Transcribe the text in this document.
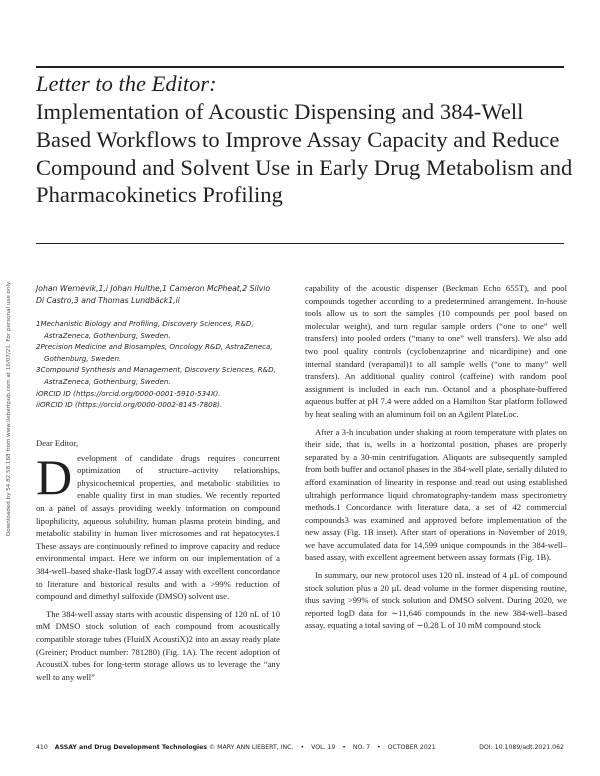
Downloaded by 54.82.58.168 from www.liebertpub.com at 10/07/21. For personal use only.
Letter to the Editor:
Implementation of Acoustic Dispensing and 384-Well Based Workflows to Improve Assay Capacity and Reduce Compound and Solvent Use in Early Drug Metabolism and Pharmacokinetics Profiling
Johan Wernevik,1,i Johan Hulthe,1 Cameron McPheat,2 Silvio Di Castro,3 and Thomas Lundbäck1,ii

1Mechanistic Biology and Profiling, Discovery Sciences, R&D, AstraZeneca, Gothenburg, Sweden.

2Precision Medicine and Biosamples, Oncology R&D, AstraZeneca, Gothenburg, Sweden.

3Compound Synthesis and Management, Discovery Sciences, R&D, AstraZeneca, Gothenburg, Sweden.

iORCID ID (https://orcid.org/0000-0001-5910-534X).

iiORCID ID (https://orcid.org/0000-0002-8145-7808).

Dear Editor,

Development of candidate drugs requires concurrent optimization of structure–activity relationships, physicochemical properties, and metabolic stabilities to enable quality first in man studies. We recently reported on a panel of assays providing weekly information on compound lipophilicity, aqueous solubility, human plasma protein binding, and metabolic stability in human liver microsomes and rat hepatocytes.1 These assays are continuously refined to improve capacity and reduce environmental impact. Here we inform on our implementation of a 384-well–based shake-flask logD7.4 assay with excellent concordance to literature and historical results and with a >99% reduction of compound and dimethyl sulfoxide (DMSO) solvent use.

The 384-well assay starts with acoustic dispensing of 120 nL of 10 mM DMSO stock solution of each compound from acoustically compatible storage tubes (FluidX AcoustiX)2 into an assay ready plate (Greiner; Product number: 781280) (Fig. 1A). The recent adoption of AcoustiX tubes for long-term storage allows us to leverage the “any well to any well”

capability of the acoustic dispenser (Beckman Echo 655T), and pool compounds together according to a predetermined arrangement. In-house tools allow us to sort the samples (10 compounds per pool based on molecular weight), and turn regular sample orders (“one to one” well transfers) into pooled orders (“many to one” well transfers). We also add two pool quality controls (cyclobenzaprine and nicardipine) and one internal standard (verapamil)1 to all sample wells (“one to many” well transfers). An additional quality control (caffeine) with random pool assignment is included in each run. Octanol and a phosphate-buffered aqueous buffer at pH 7.4 were added on a Hamilton Star platform followed by heat sealing with an aluminum foil on an Agilent PlateLoc.

After a 3-h incubation under shaking at room temperature with plates on their side, that is, wells in a horizontal position, phases are properly separated by a 30-min centrifugation. Aliquots are subsequently sampled from both buffer and octanol phases in the 384-well plate, serially diluted to afford examination of linearity in response and read out using established ultrahigh performance liquid chromatography-tandem mass spectrometry methods.1 Concordance with literature data, a set of 42 commercial compounds3 was examined and approved before implementation of the new assay (Fig. 1B inset). After start of operations in November of 2019, we have accumulated data for 14,599 unique compounds in the 384-well–based assay, with excellent agreement between assay formats (Fig. 1B).

In summary, our new protocol uses 120 nL instead of 4 μL of compound stock solution plus a 20 μL dead volume in the former dispensing routine, thus saving >99% of stock solution and DMSO solvent. During 2020, we reported logD data for ∼11,646 compounds in the new 384-well–based assay, equating a total saving of ∼0.28 L of 10 mM compound stock

410 ASSAY and Drug Development Technologies © MARY ANN LIEBERT, INC. • VOL. 19 • NO. 7 • OCTOBER 2021	DOI: 10.1089/adt.2021.062
